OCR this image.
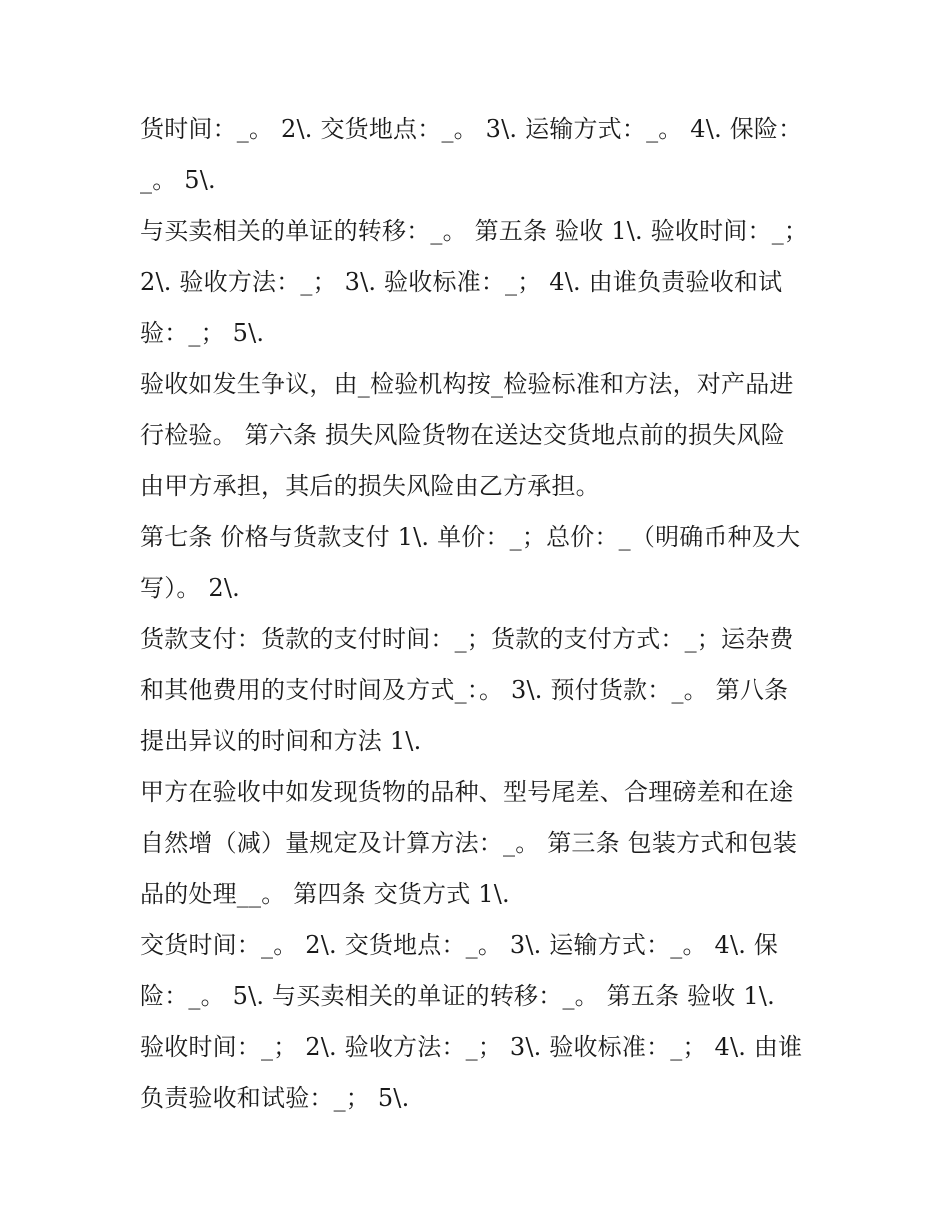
货时间：_。 2\. 交货地点：_。 3\. 运输方式：_。 4\. 保险：
_。 5\.
与买卖相关的单证的转移：_。 第五条 验收 1\. 验收时间：_；
2\. 验收方法：_； 3\. 验收标准：_； 4\. 由谁负责验收和试
验：_； 5\.
验收如发生争议，由_检验机构按_检验标准和方法，对产品进
行检验。 第六条 损失风险货物在送达交货地点前的损失风险
由甲方承担，其后的损失风险由乙方承担。
第七条 价格与货款支付 1\. 单价：_；总价：_（明确币种及大
写）。 2\.
货款支付：货款的支付时间：_；货款的支付方式：_；运杂费
和其他费用的支付时间及方式_：。 3\. 预付货款：_。 第八条
提出异议的时间和方法 1\.
甲方在验收中如发现货物的品种、型号尾差、合理磅差和在途
自然增（减）量规定及计算方法：_。 第三条 包装方式和包装
品的处理__。 第四条 交货方式 1\.
交货时间：_。 2\. 交货地点：_。 3\. 运输方式：_。 4\. 保
险：_。 5\. 与买卖相关的单证的转移：_。 第五条 验收 1\.
验收时间：_； 2\. 验收方法：_； 3\. 验收标准：_； 4\. 由谁
负责验收和试验：_； 5\.
